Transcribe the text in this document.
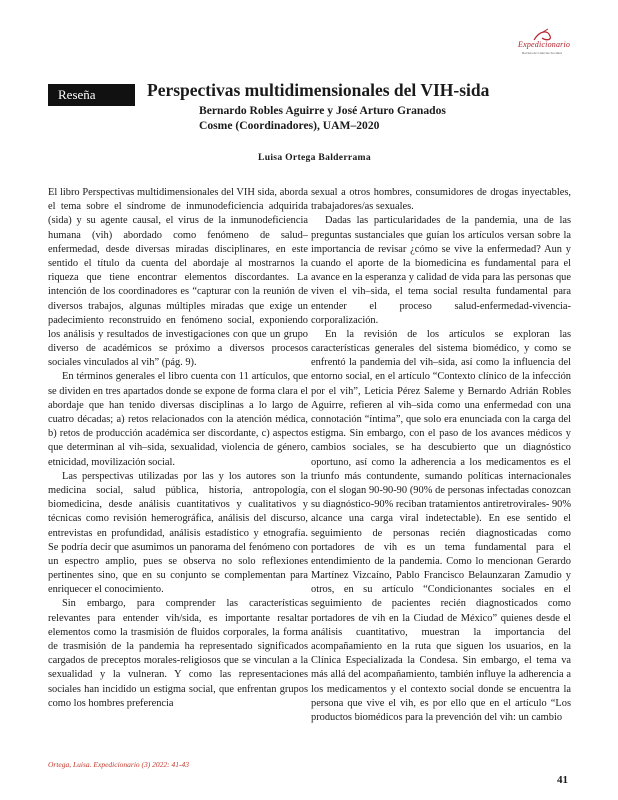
Expedicionario
Revista de Ciencias Sociales
Reseña	Perspectivas multidimensionales del VIH-sida
Bernardo Robles Aguirre y José Arturo Granados
Cosme (Coordinadores), UAM–2020
Luisa Ortega Balderrama

El libro Perspectivas multidimensionales del VIH sida, aborda el tema sobre el síndrome de inmunodeficiencia adquirida (sida) y su agente causal, el virus de la inmunodeficiencia humana (vih) abordado como fenómeno de salud–enfermedad, desde diversas miradas disciplinares, en este sentido el título da cuenta del abordaje al mostrarnos la riqueza que tiene encontrar elementos discordantes. La intención de los coordinadores es “capturar con la reunión de diversos trabajos, algunas múltiples miradas que exige un padecimiento reconstruido en fenómeno social, exponiendo los análisis y resultados de investigaciones con que un grupo diverso de académicos se próximo a diversos procesos sociales vinculados al vih” (pág. 9).

En términos generales el libro cuenta con 11 artículos, que se dividen en tres apartados donde se expone de forma clara el abordaje que han tenido diversas disciplinas a lo largo de cuatro décadas; a) retos relacionados con la atención médica, b) retos de producción académica ser discordante, c) aspectos que determinan al vih–sida, sexualidad, violencia de género, etnicidad, movilización social.

Las perspectivas utilizadas por las y los autores son la medicina social, salud pública, historia, antropología, biomedicina, desde análisis cuantitativos y cualitativos y técnicas como revisión hemerográfica, análisis del discurso, entrevistas en profundidad, análisis estadístico y etnografía. Se podría decir que asumimos un panorama del fenómeno con un espectro amplio, pues se observa no solo reflexiones pertinentes sino, que en su conjunto se complementan para enriquecer el conocimiento.

Sin embargo, para comprender las características relevantes para entender vih/sida, es importante resaltar elementos como la trasmisión de fluidos corporales, la forma de trasmisión de la pandemia ha representado significados cargados de preceptos morales-religiosos que se vinculan a la sexualidad y la vulneran. Y como las representaciones sociales han incidido un estigma social, que enfrentan grupos como los hombres preferencia

sexual a otros hombres, consumidores de drogas inyectables, trabajadores/as sexuales.

Dadas las particularidades de la pandemia, una de las preguntas sustanciales que guían los artículos versan sobre la importancia de revisar ¿cómo se vive la enfermedad? Aun y cuando el aporte de la biomedicina es fundamental para el avance en la esperanza y calidad de vida para las personas que viven el vih–sida, el tema social resulta fundamental para entender el proceso salud-enfermedad-vivencia-corporalización.

En la revisión de los artículos se exploran las características generales del sistema biomédico, y como se enfrentó la pandemia del vih–sida, así como la influencia del entorno social, en el artículo “Contexto clínico de la infección por el vih”, Leticia Pérez Saleme y Bernardo Adrián Robles Aguirre, refieren al vih–sida como una enfermedad con una connotación “íntima”, que solo era enunciada con la carga del estigma. Sin embargo, con el paso de los avances médicos y cambios sociales, se ha descubierto que un diagnóstico oportuno, así como la adherencia a los medicamentos es el triunfo más contundente, sumando políticas internacionales con el slogan 90-90-90 (90% de personas infectadas conozcan su diagnóstico-90% reciban tratamientos antiretrovirales- 90% alcance una carga viral indetectable). En ese sentido el seguimiento de personas recién diagnosticadas como portadores de vih es un tema fundamental para el entendimiento de la pandemia. Como lo mencionan Gerardo Martínez Vizcaíno, Pablo Francisco Belaunzaran Zamudio y otros, en su artículo “Condicionantes sociales en el seguimiento de pacientes recién diagnosticados como portadores de vih en la Ciudad de México” quienes desde el análisis cuantitativo, muestran la importancia del acompañamiento en la ruta que siguen los usuarios, en la Clínica Especializada la Condesa. Sin embargo, el tema va más allá del acompañamiento, también influye la adherencia a los medicamentos y el contexto social donde se encuentra la persona que vive el vih, es por ello que en el artículo “Los productos biomédicos para la prevención del vih: un cambio

Ortega, Luisa. Expedicionario (3) 2022: 41-43
41
